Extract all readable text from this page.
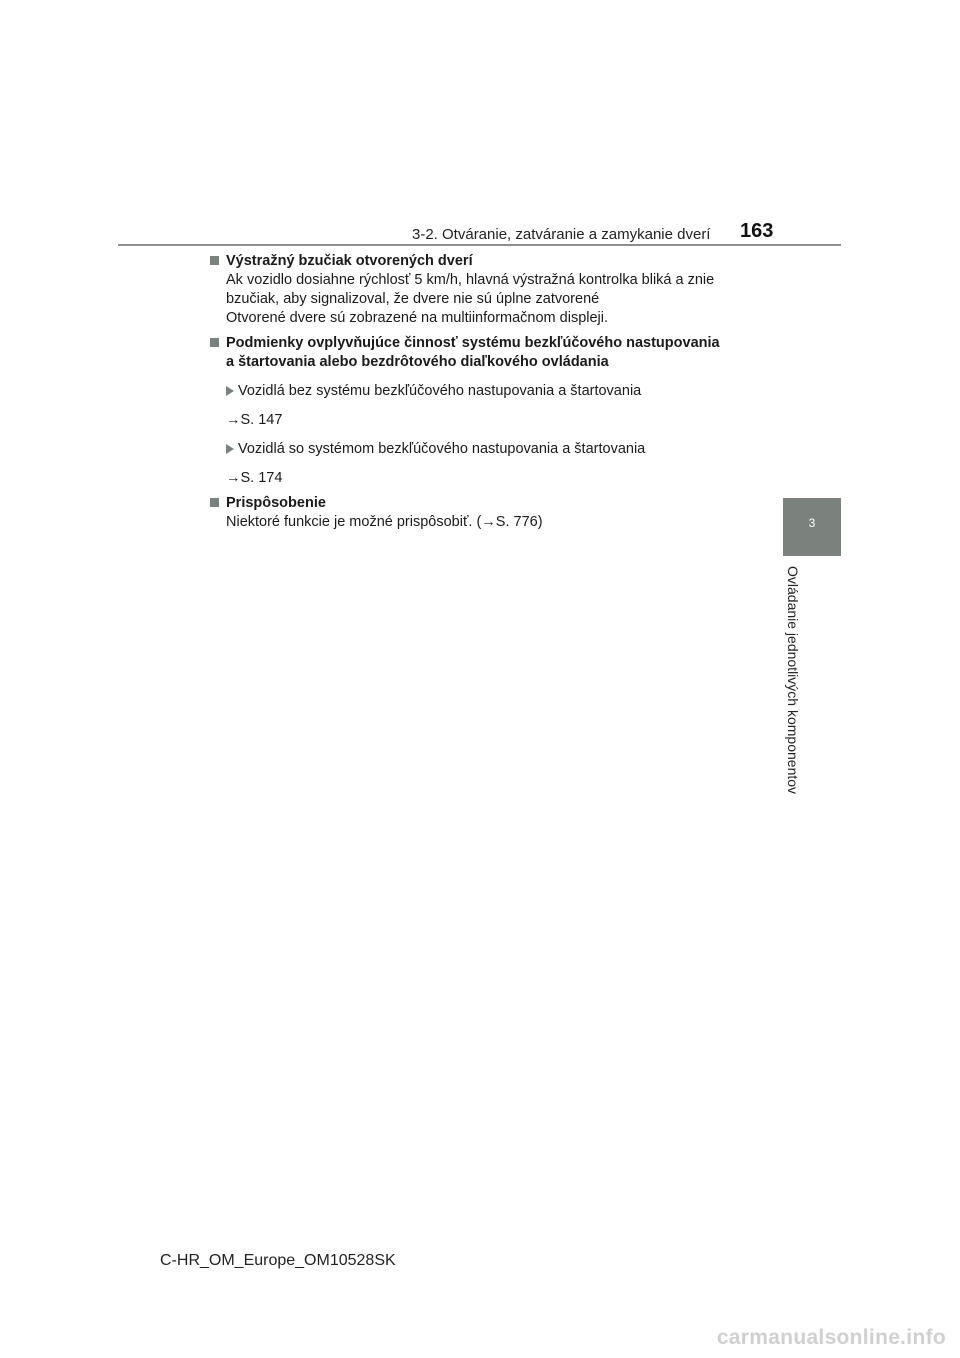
3-2. Otváranie, zatváranie a zamykanie dverí 163
3
Ovládanie jednotlivých komponentov
Výstražný bzučiak otvorených dverí
Ak vozidlo dosiahne rýchlosť 5 km/h, hlavná výstražná kontrolka bliká a znie
bzučiak, aby signalizoval, že dvere nie sú úplne zatvorené
Otvorené dvere sú zobrazené na multiinformačnom displeji.
Podmienky ovplyvňujúce činnosť systému bezkľúčového nastupovania
a štartovania alebo bezdrôtového diaľkového ovládania
Vozidlá bez systému bezkľúčového nastupovania a štartovania
→S. 147
Vozidlá so systémom bezkľúčového nastupovania a štartovania
→S. 174
Prispôsobenie
Niektoré funkcie je možné prispôsobiť. (→S. 776)
C-HR_OM_Europe_OM10528SK
carmanualsonline.info
